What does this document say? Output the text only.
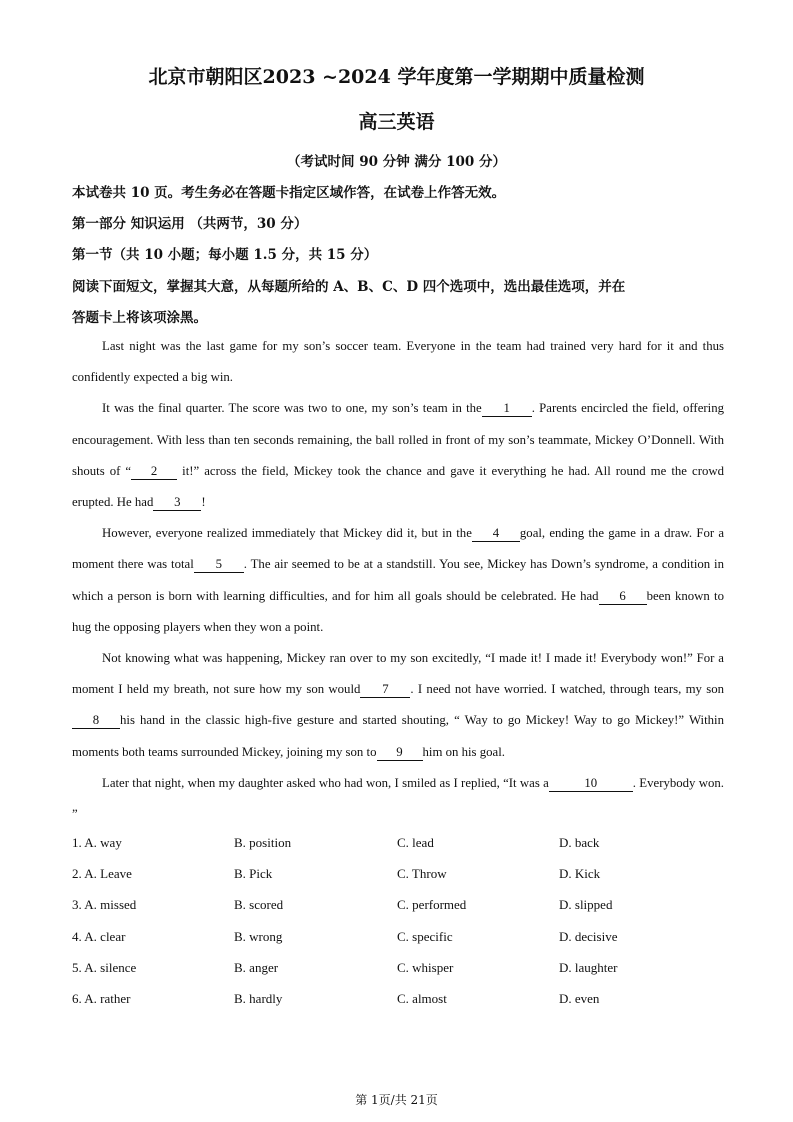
北京市朝阳区2023 ~2024 学年度第一学期期中质量检测
高三英语
（考试时间 90 分钟 满分 100 分）
本试卷共 10 页。考生务必在答题卡指定区域作答，在试卷上作答无效。
第一部分 知识运用 （共两节，30 分）
第一节（共 10 小题；每小题 1.5 分，共 15 分）
阅读下面短文，掌握其大意，从每题所给的 A、B、C、D 四个选项中，选出最佳选项，并在
答题卡上将该项涂黑。

Last night was the last game for my son’s soccer team. Everyone in the team had trained very hard for it and thus confidently expected a big win.

It was the final quarter. The score was two to one, my son’s team in the 1 . Parents encircled the field, offering encouragement. With less than ten seconds remaining, the ball rolled in front of my son’s teammate, Mickey O’Donnell. With shouts of “ 2 it!” across the field, Mickey took the chance and gave it everything he had. All round me the crowd erupted. He had 3 !

However, everyone realized immediately that Mickey did it, but in the 4 goal, ending the game in a draw. For a moment there was total 5 . The air seemed to be at a standstill. You see, Mickey has Down’s syndrome, a condition in which a person is born with learning difficulties, and for him all goals should be celebrated. He had 6 been known to hug the opposing players when they won a point.

Not knowing what was happening, Mickey ran over to my son excitedly, “I made it! I made it! Everybody won!” For a moment I held my breath, not sure how my son would 7 . I need not have worried. I watched, through tears, my son8 his hand in the classic high-five gesture and started shouting, “ Way to go Mickey! Way to go Mickey!” Within moments both teams surrounded Mickey, joining my son to 9 him on his goal.

Later that night, when my daughter asked who had won, I smiled as I replied, “It was a	10	. Everybody won. ”

1. A. way	B. position	C. lead	D. back
2. A. Leave	B. Pick	C. Throw	D. Kick
3. A. missed	B. scored	C. performed	D. slipped
4. A. clear	B. wrong	C. specific	D. decisive
5. A. silence	B. anger	C. whisper	D. laughter
6. A. rather	B. hardly	C. almost	D. even
第 1页/共 21页
